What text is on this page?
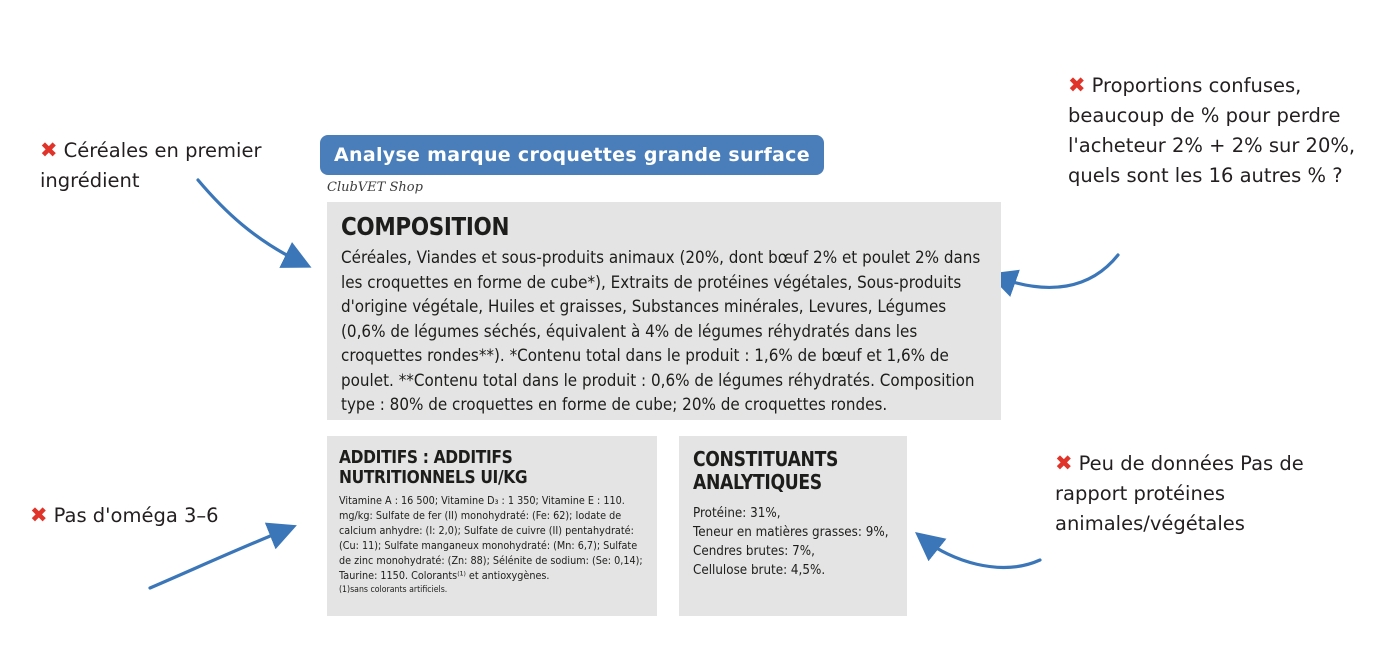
Analyse marque croquettes grande surface
ClubVET Shop
COMPOSITION
Céréales, Viandes et sous-produits animaux (20%, dont bœuf 2% et poulet 2% dans les croquettes en forme de cube*), Extraits de protéines végétales, Sous-produits d'origine végétale, Huiles et graisses, Substances minérales, Levures, Légumes (0,6% de légumes séchés, équivalent à 4% de légumes réhydratés dans les croquettes rondes**). *Contenu total dans le produit : 1,6% de bœuf et 1,6% de poulet. **Contenu total dans le produit : 0,6% de légumes réhydratés. Composition type : 80% de croquettes en forme de cube; 20% de croquettes rondes.
ADDITIFS : ADDITIFS NUTRITIONNELS UI/KG
Vitamine A : 16 500; Vitamine D₃ : 1 350; Vitamine E : 110. mg/kg: Sulfate de fer (II) monohydraté: (Fe: 62); Iodate de calcium anhydre: (I: 2,0); Sulfate de cuivre (II) pentahydraté: (Cu: 11); Sulfate manganeux monohydraté: (Mn: 6,7); Sulfate de zinc monohydraté: (Zn: 88); Sélénite de sodium: (Se: 0,14); Taurine: 1150. Colorants⁽¹⁾ et antioxygènes.
(1)sans colorants artificiels.
CONSTITUANTS
ANALYTIQUES
Protéine: 31%,
Teneur en matières grasses: 9%,
Cendres brutes: 7%,
Cellulose brute: 4,5%.
✖ Céréales en premier ingrédient
✖ Pas d'oméga 3–6
✖ Proportions confuses, beaucoup de % pour perdre l'acheteur 2% + 2% sur 20%, quels sont les 16 autres % ?
✖ Peu de données Pas de rapport protéines animales/végétales
